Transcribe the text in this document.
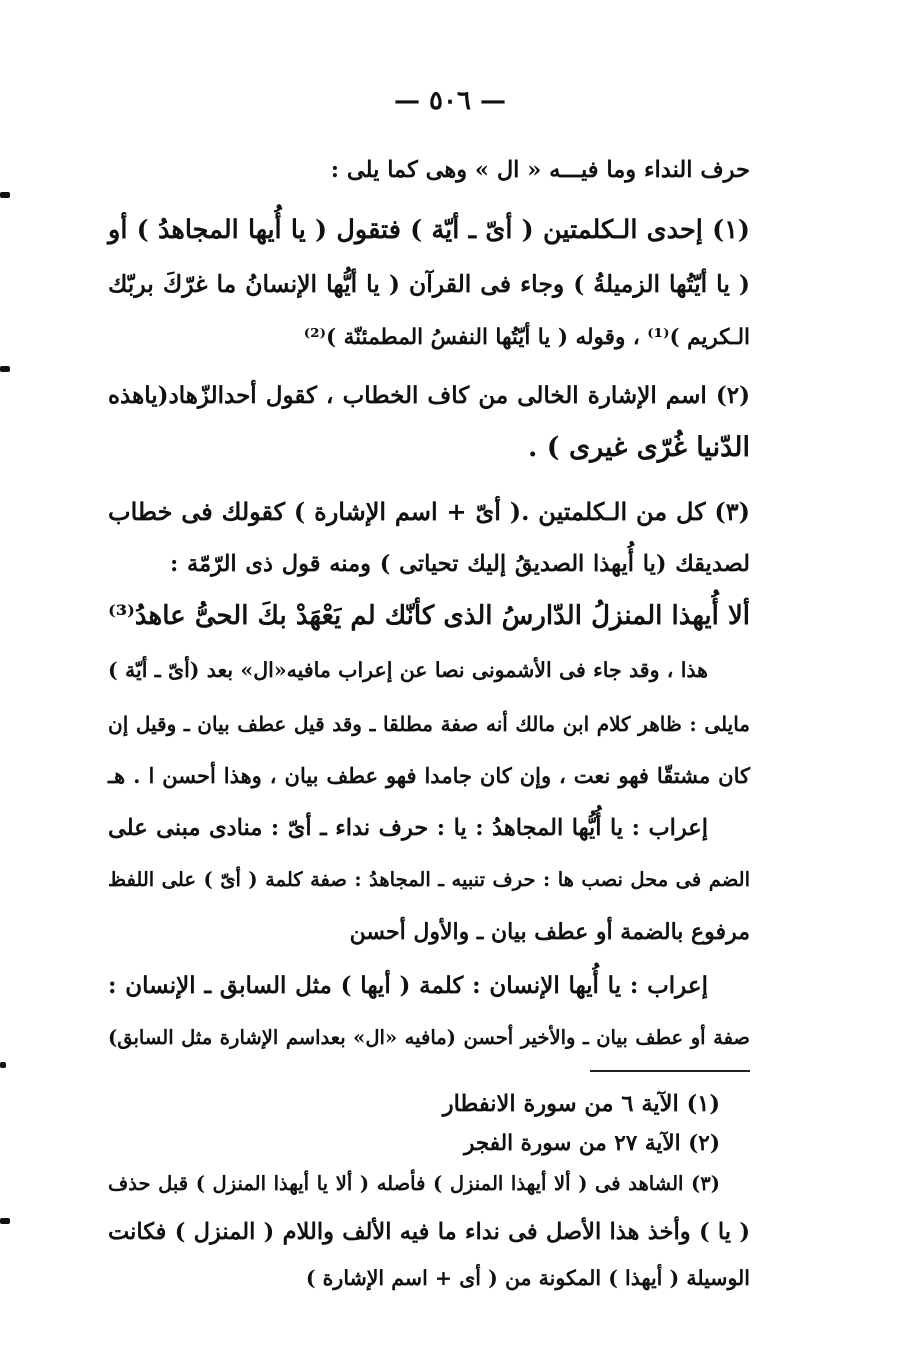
— ٥٠٦ —
حرف النداء وما فيـــه « ال » وهى كما يلى :
(١) إحدى الـكلمتين ( أىّ ـ أيّة ) فتقول ( يا أُيها المجاهدُ ) أو
( يا أيّتُها الزميلةُ ) وجاء فى القرآن ( يا أيُّها الإنسانُ ما غرّكَ بربّك
الـكريم )⁽¹⁾ ، وقوله ( يا أيّتُها النفسُ المطمئنّة )⁽²⁾
(٢) اسم الإشارة الخالى من كاف الخطاب ، كقول أحدالزّهاد(ياهذه
الدّنيا غُرّى غيرى ) .
(٣) كل من الـكلمتين .( أىّ + اسم الإشارة ) كقولك فى خطاب
لصديقك (يا أُيهذا الصديقُ إليك تحياتى ) ومنه قول ذى الرّمّة :
ألا أُيهذا المنزلُ الدّارسُ الذى كأنّك لم يَعْهَدْ بكَ الحىُّ عاهدُ⁽³⁾
هذا ، وقد جاء فى الأشمونى نصا عن إعراب مافيه«ال» بعد (أىّ ـ أيّة )
مايلى : ظاهر كلام ابن مالك أنه صفة مطلقا ـ وقد قيل عطف بيان ـ وقيل إن
كان مشتقّا فهو نعت ، وإن كان جامدا فهو عطف بيان ، وهذا أحسن ا . هـ
إعراب : يا أُيُّها المجاهدُ : يا : حرف نداء ـ أىّ : منادى مبنى على
الضم فى محل نصب ها : حرف تنبيه ـ المجاهدُ : صفة كلمة ( أىّ ) على اللفظ
مرفوع بالضمة أو عطف بيان ـ والأول أحسن
إعراب : يا أُيها الإنسان : كلمة ( أيها ) مثل السابق ـ الإنسان :
صفة أو عطف بيان ـ والأخير أحسن (مافيه «ال» بعداسم الإشارة مثل السابق)
(١) الآية ٦ من سورة الانفطار
(٢) الآية ٢٧ من سورة الفجر
(٣) الشاهد فى ( ألا أيهذا المنزل ) فأصله ( ألا يا أيهذا المنزل ) قبل حذف
( يا ) وأخذ هذا الأصل فى نداء ما فيه الألف واللام ( المنزل ) فكانت
الوسيلة ( أيهذا ) المكونة من ( أى + اسم الإشارة )
